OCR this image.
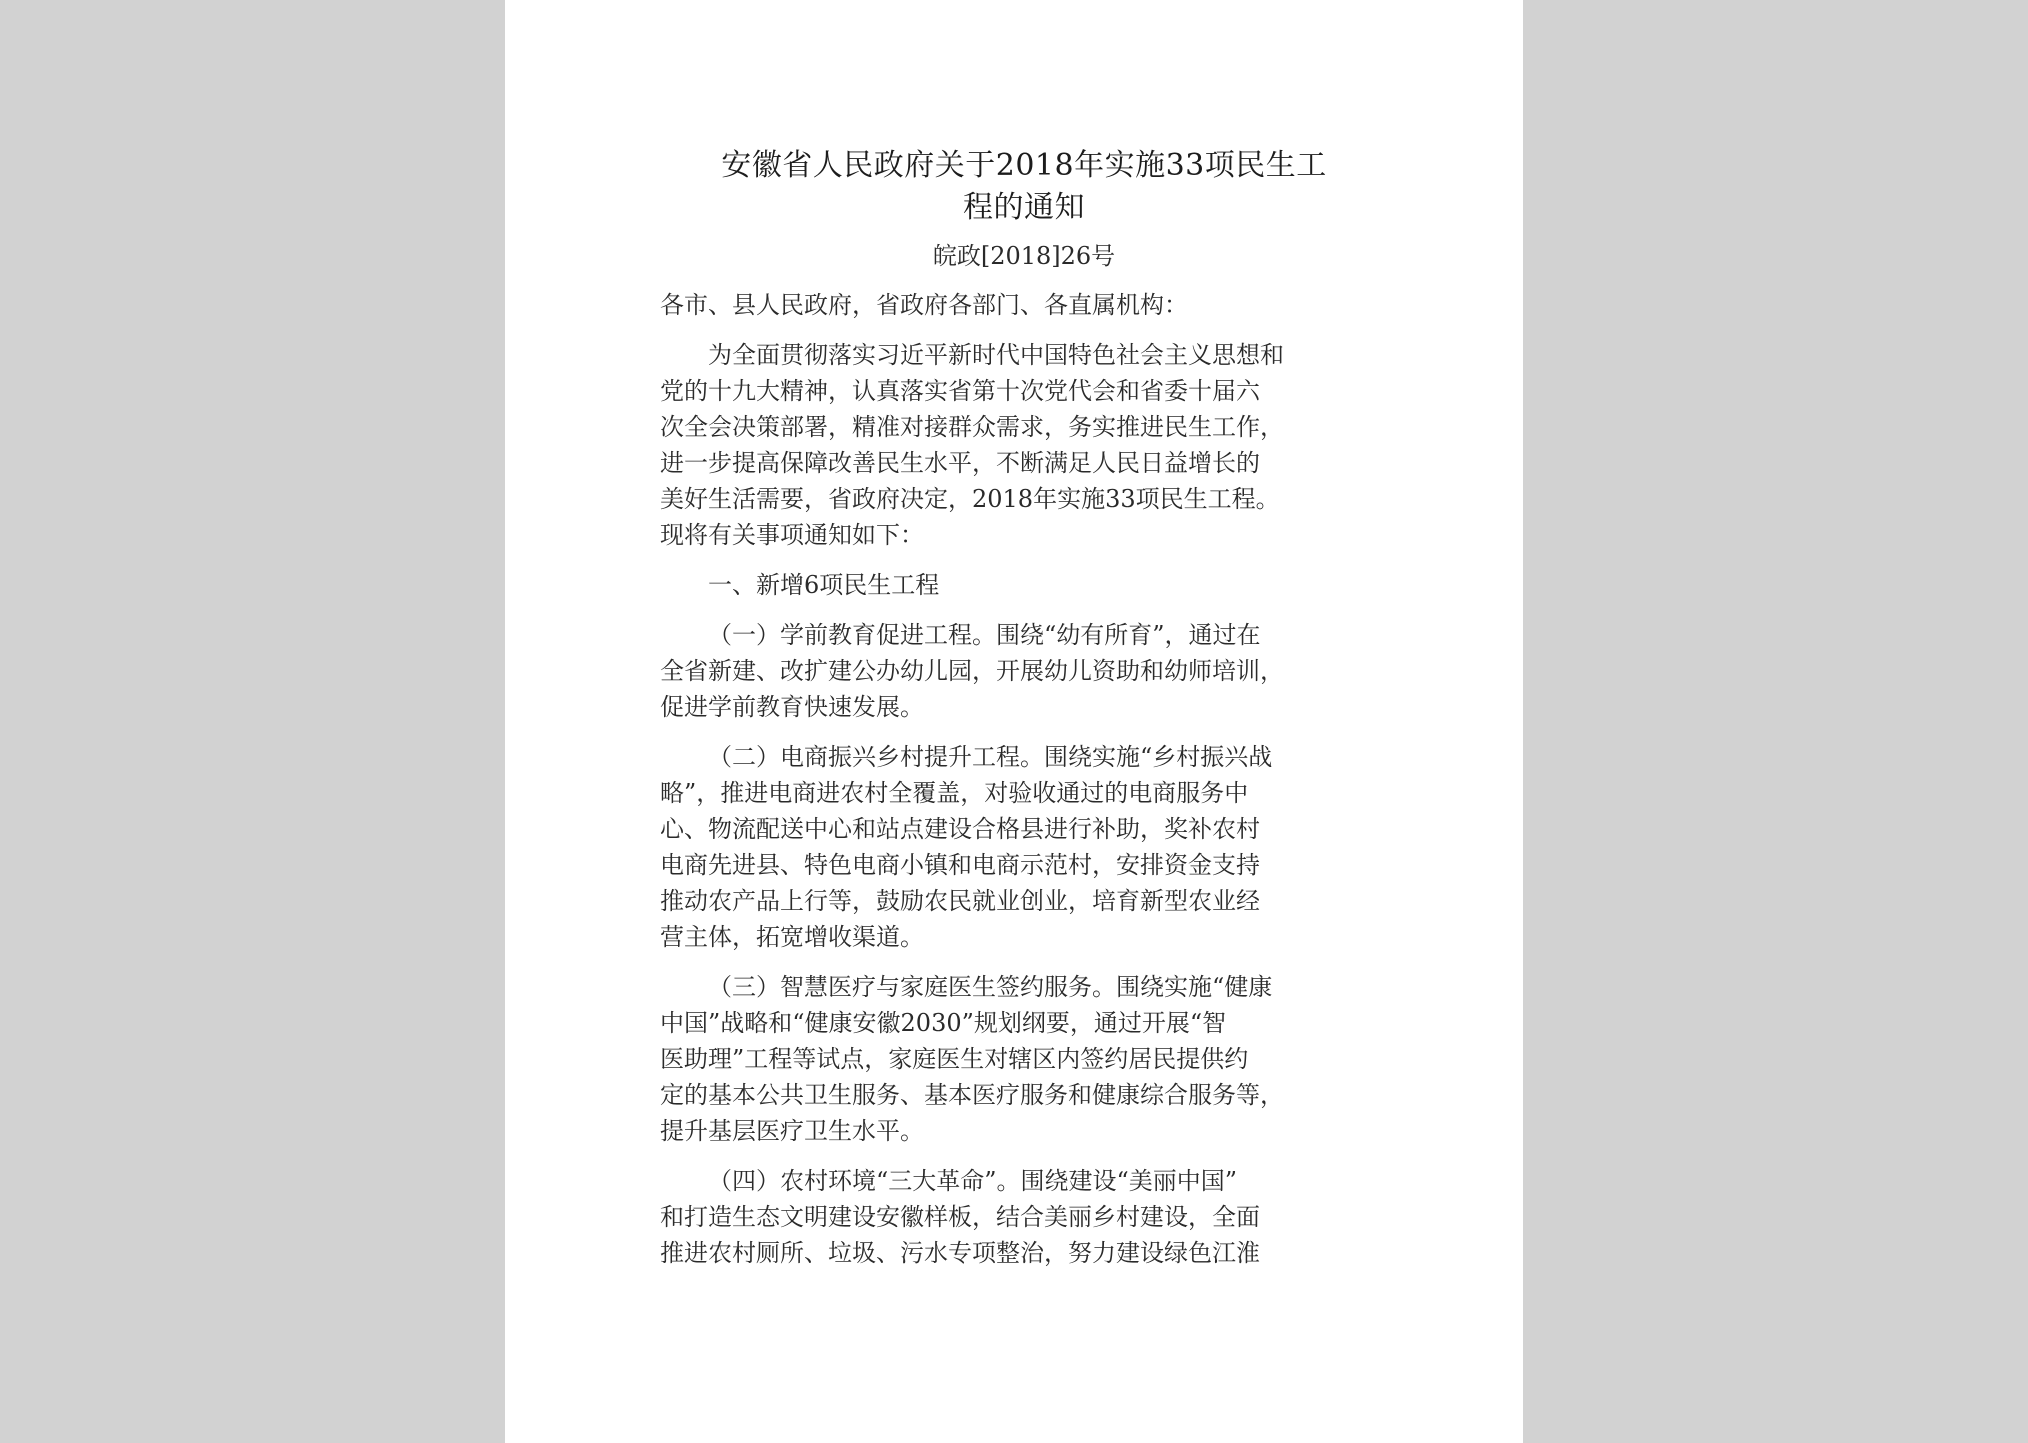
安徽省人民政府关于2018年实施33项民生工
程的通知
皖政[2018]26号
各市、县人民政府，省政府各部门、各直属机构：
为全面贯彻落实习近平新时代中国特色社会主义思想和
党的十九大精神，认真落实省第十次党代会和省委十届六
次全会决策部署，精准对接群众需求，务实推进民生工作，
进一步提高保障改善民生水平，不断满足人民日益增长的
美好生活需要，省政府决定，2018年实施33项民生工程。
现将有关事项通知如下：
一、新增6项民生工程
（一）学前教育促进工程。围绕“幼有所育”，通过在
全省新建、改扩建公办幼儿园，开展幼儿资助和幼师培训，
促进学前教育快速发展。
（二）电商振兴乡村提升工程。围绕实施“乡村振兴战
略”，推进电商进农村全覆盖，对验收通过的电商服务中
心、物流配送中心和站点建设合格县进行补助，奖补农村
电商先进县、特色电商小镇和电商示范村，安排资金支持
推动农产品上行等，鼓励农民就业创业，培育新型农业经
营主体，拓宽增收渠道。
（三）智慧医疗与家庭医生签约服务。围绕实施“健康
中国”战略和“健康安徽2030”规划纲要，通过开展“智
医助理”工程等试点，家庭医生对辖区内签约居民提供约
定的基本公共卫生服务、基本医疗服务和健康综合服务等，
提升基层医疗卫生水平。
（四）农村环境“三大革命”。围绕建设“美丽中国”
和打造生态文明建设安徽样板，结合美丽乡村建设，全面
推进农村厕所、垃圾、污水专项整治，努力建设绿色江淮
